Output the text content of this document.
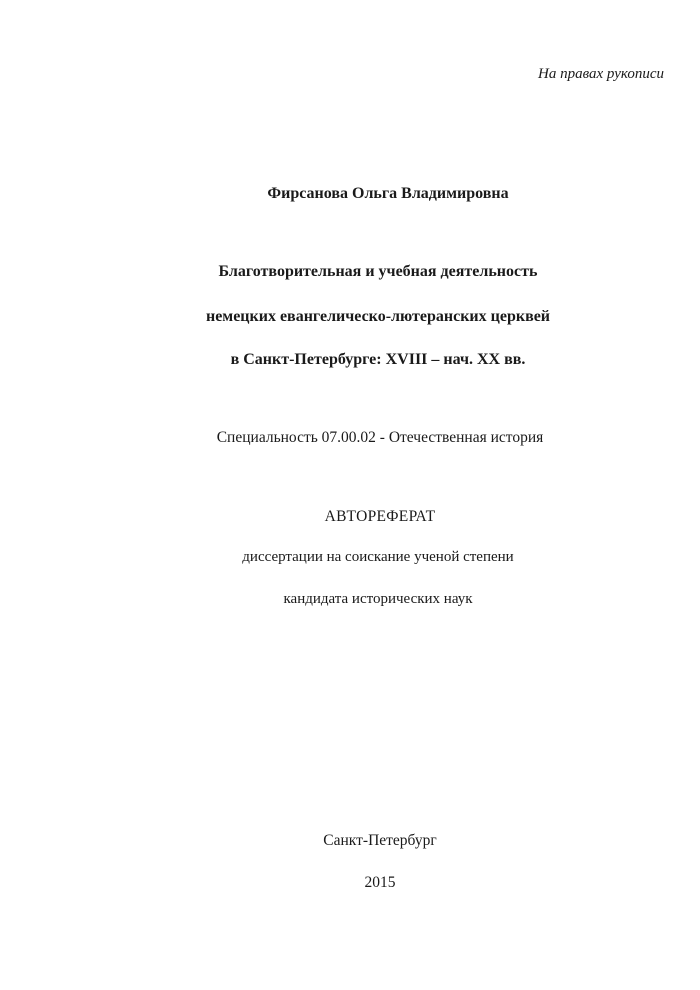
На правах рукописи
Фирсанова Ольга Владимировна
Благотворительная и учебная деятельность
немецких евангелическо-лютеранских церквей
в Санкт-Петербурге: XVIII – нач. XX вв.
Специальность 07.00.02 - Отечественная история
АВТОРЕФЕРАТ
диссертации на соискание ученой степени
кандидата исторических наук
Санкт-Петербург
2015
